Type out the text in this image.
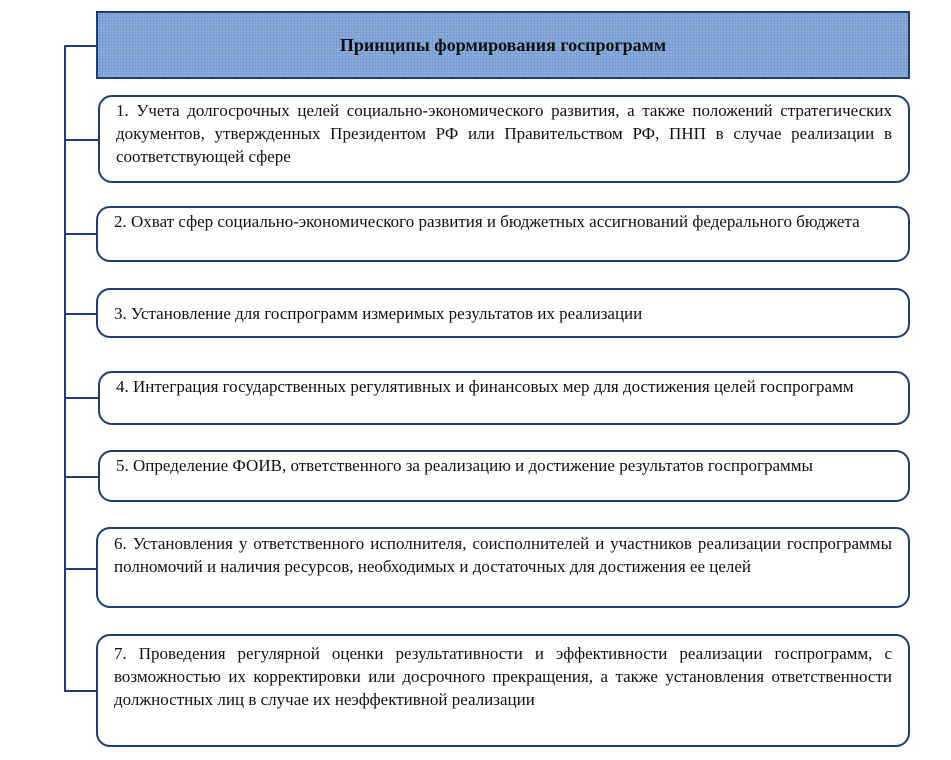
Принципы формирования госпрограмм
1. Учета долгосрочных целей социально-экономического развития, а также положений стратегических документов, утвержденных Президентом РФ или Правительством РФ, ПНП в случае реализации в соответствующей сфере
2. Охват сфер социально-экономического развития и бюджетных ассигнований федерального бюджета
3. Установление для госпрограмм измеримых результатов их реализации
4. Интеграция государственных регулятивных и финансовых мер для достижения целей госпрограмм
5. Определение ФОИВ, ответственного за реализацию и достижение результатов госпрограммы
6. Установления у ответственного исполнителя, соисполнителей и участников реализации госпрограммы полномочий и наличия ресурсов, необходимых и достаточных для достижения ее целей
7. Проведения регулярной оценки результативности и эффективности реализации госпрограмм, с возможностью их корректировки или досрочного прекращения, а также установления ответственности должностных лиц в случае их неэффективной реализации
